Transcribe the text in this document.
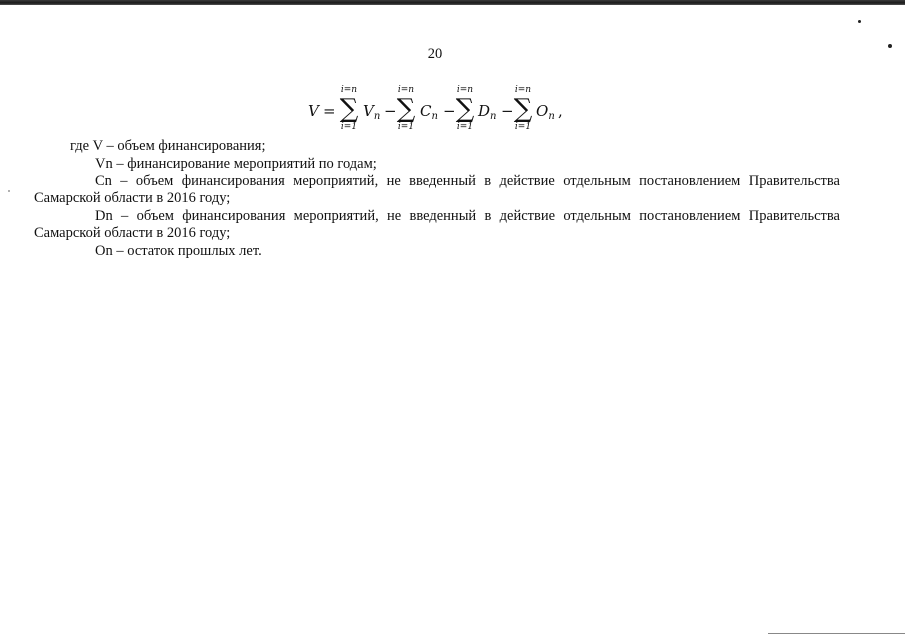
20
V =
i=n
∑
i=1
$V_n$ −
i=n
∑
i=1
$C_n$ −
i=n
∑
i=1
$D_n$ −
i=n
∑
i=1
$O_n$ ,
где V – объем финансирования;
Vn – финансирование мероприятий по годам;
Cn – объем финансирования мероприятий, не введенный в действие отдельным постановлением Правительства
Самарской области в 2016 году;
Dn – объем финансирования мероприятий, не введенный в действие отдельным постановлением Правительства
Самарской области в 2016 году;
On – остаток прошлых лет.
